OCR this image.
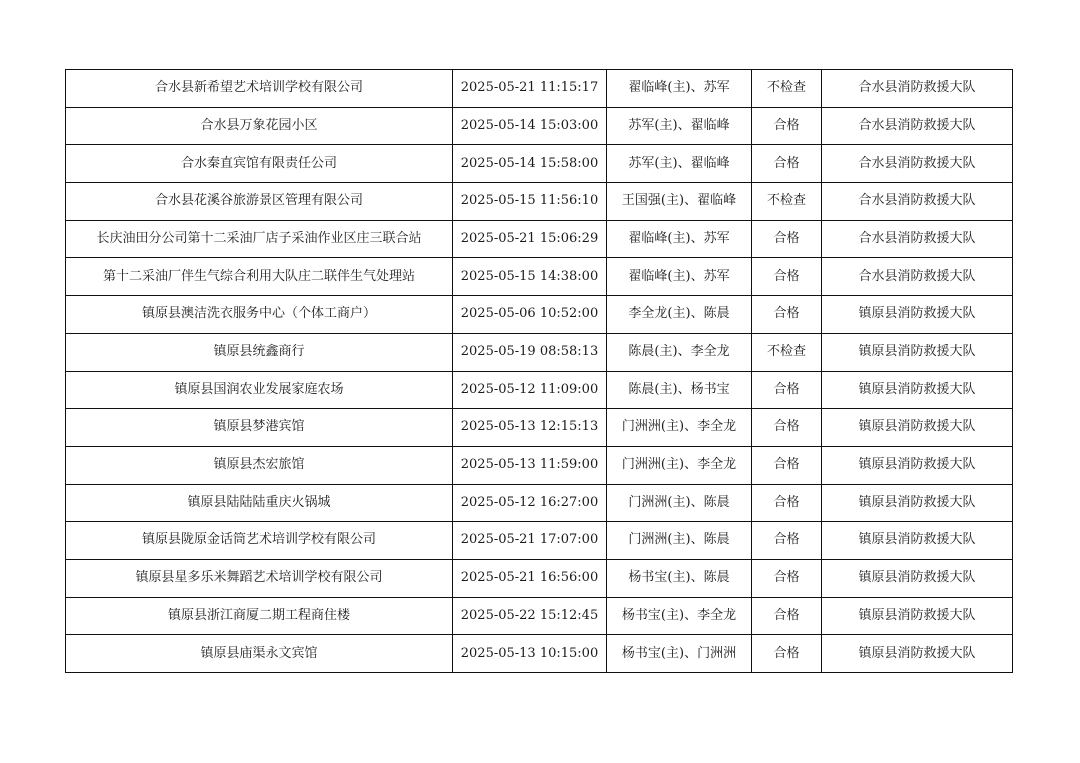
合水县新希望艺术培训学校有限公司	2025-05-21 11:15:17	翟临峰(主)、苏军	不检查	合水县消防救援大队
合水县万象花园小区	2025-05-14 15:03:00	苏军(主)、翟临峰	合格	合水县消防救援大队
合水秦直宾馆有限责任公司	2025-05-14 15:58:00	苏军(主)、翟临峰	合格	合水县消防救援大队
合水县花溪谷旅游景区管理有限公司	2025-05-15 11:56:10	王国强(主)、翟临峰	不检查	合水县消防救援大队
长庆油田分公司第十二采油厂店子采油作业区庄三联合站	2025-05-21 15:06:29	翟临峰(主)、苏军	合格	合水县消防救援大队
第十二采油厂伴生气综合利用大队庄二联伴生气处理站	2025-05-15 14:38:00	翟临峰(主)、苏军	合格	合水县消防救援大队
镇原县澳洁洗衣服务中心（个体工商户）	2025-05-06 10:52:00	李全龙(主)、陈晨	合格	镇原县消防救援大队
镇原县统鑫商行	2025-05-19 08:58:13	陈晨(主)、李全龙	不检查	镇原县消防救援大队
镇原县国润农业发展家庭农场	2025-05-12 11:09:00	陈晨(主)、杨书宝	合格	镇原县消防救援大队
镇原县梦港宾馆	2025-05-13 12:15:13	门洲洲(主)、李全龙	合格	镇原县消防救援大队
镇原县杰宏旅馆	2025-05-13 11:59:00	门洲洲(主)、李全龙	合格	镇原县消防救援大队
镇原县陆陆陆重庆火锅城	2025-05-12 16:27:00	门洲洲(主)、陈晨	合格	镇原县消防救援大队
镇原县陇原金话筒艺术培训学校有限公司	2025-05-21 17:07:00	门洲洲(主)、陈晨	合格	镇原县消防救援大队
镇原县星多乐米舞蹈艺术培训学校有限公司	2025-05-21 16:56:00	杨书宝(主)、陈晨	合格	镇原县消防救援大队
镇原县浙江商厦二期工程商住楼	2025-05-22 15:12:45	杨书宝(主)、李全龙	合格	镇原县消防救援大队
镇原县庙渠永文宾馆	2025-05-13 10:15:00	杨书宝(主)、门洲洲	合格	镇原县消防救援大队
